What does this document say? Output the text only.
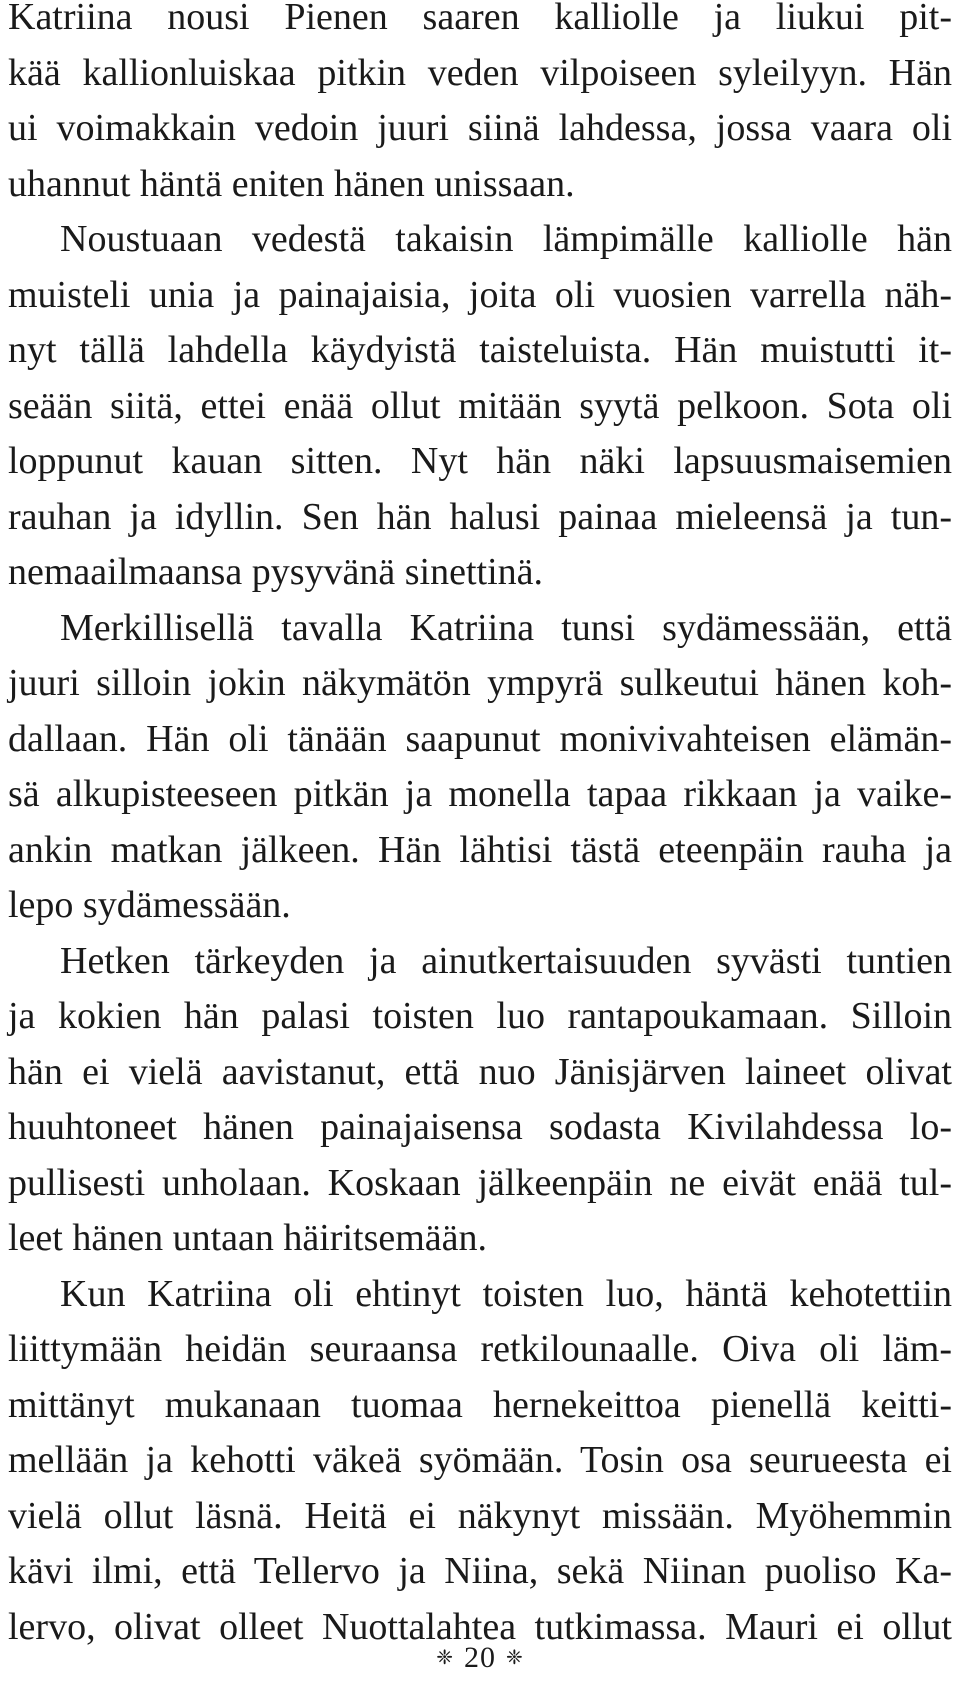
Katriina nousi Pienen saaren kalliolle ja liukui pit-
kää kallionluiskaa pitkin veden vilpoiseen syleilyyn. Hän
ui voimakkain vedoin juuri siinä lahdessa, jossa vaara oli
uhannut häntä eniten hänen unissaan.

Noustuaan vedestä takaisin lämpimälle kalliolle hän
muisteli unia ja painajaisia, joita oli vuosien varrella näh-
nyt tällä lahdella käydyistä taisteluista. Hän muistutti it-
seään siitä, ettei enää ollut mitään syytä pelkoon. Sota oli
loppunut kauan sitten. Nyt hän näki lapsuusmaisemien
rauhan ja idyllin. Sen hän halusi painaa mieleensä ja tun-
nemaailmaansa pysyvänä sinettinä.

Merkillisellä tavalla Katriina tunsi sydämessään, että
juuri silloin jokin näkymätön ympyrä sulkeutui hänen koh-
dallaan. Hän oli tänään saapunut monivivahteisen elämän-
sä alkupisteeseen pitkän ja monella tapaa rikkaan ja vaike-
ankin matkan jälkeen. Hän lähtisi tästä eteenpäin rauha ja
lepo sydämessään.

Hetken tärkeyden ja ainutkertaisuuden syvästi tuntien
ja kokien hän palasi toisten luo rantapoukamaan. Silloin
hän ei vielä aavistanut, että nuo Jänisjärven laineet olivat
huuhtoneet hänen painajaisensa sodasta Kivilahdessa lo-
pullisesti unholaan. Koskaan jälkeenpäin ne eivät enää tul-
leet hänen untaan häiritsemään.

Kun Katriina oli ehtinyt toisten luo, häntä kehotettiin
liittymään heidän seuraansa retkilounaalle. Oiva oli läm-
mittänyt mukanaan tuomaa hernekeittoa pienellä keitti-
mellään ja kehotti väkeä syömään. Tosin osa seurueesta ei
vielä ollut läsnä. Heitä ei näkynyt missään. Myöhemmin
kävi ilmi, että Tellervo ja Niina, sekä Niinan puoliso Ka-
lervo, olivat olleet Nuottalahtea tutkimassa. Mauri ei ollut

❈ 20 ❈
